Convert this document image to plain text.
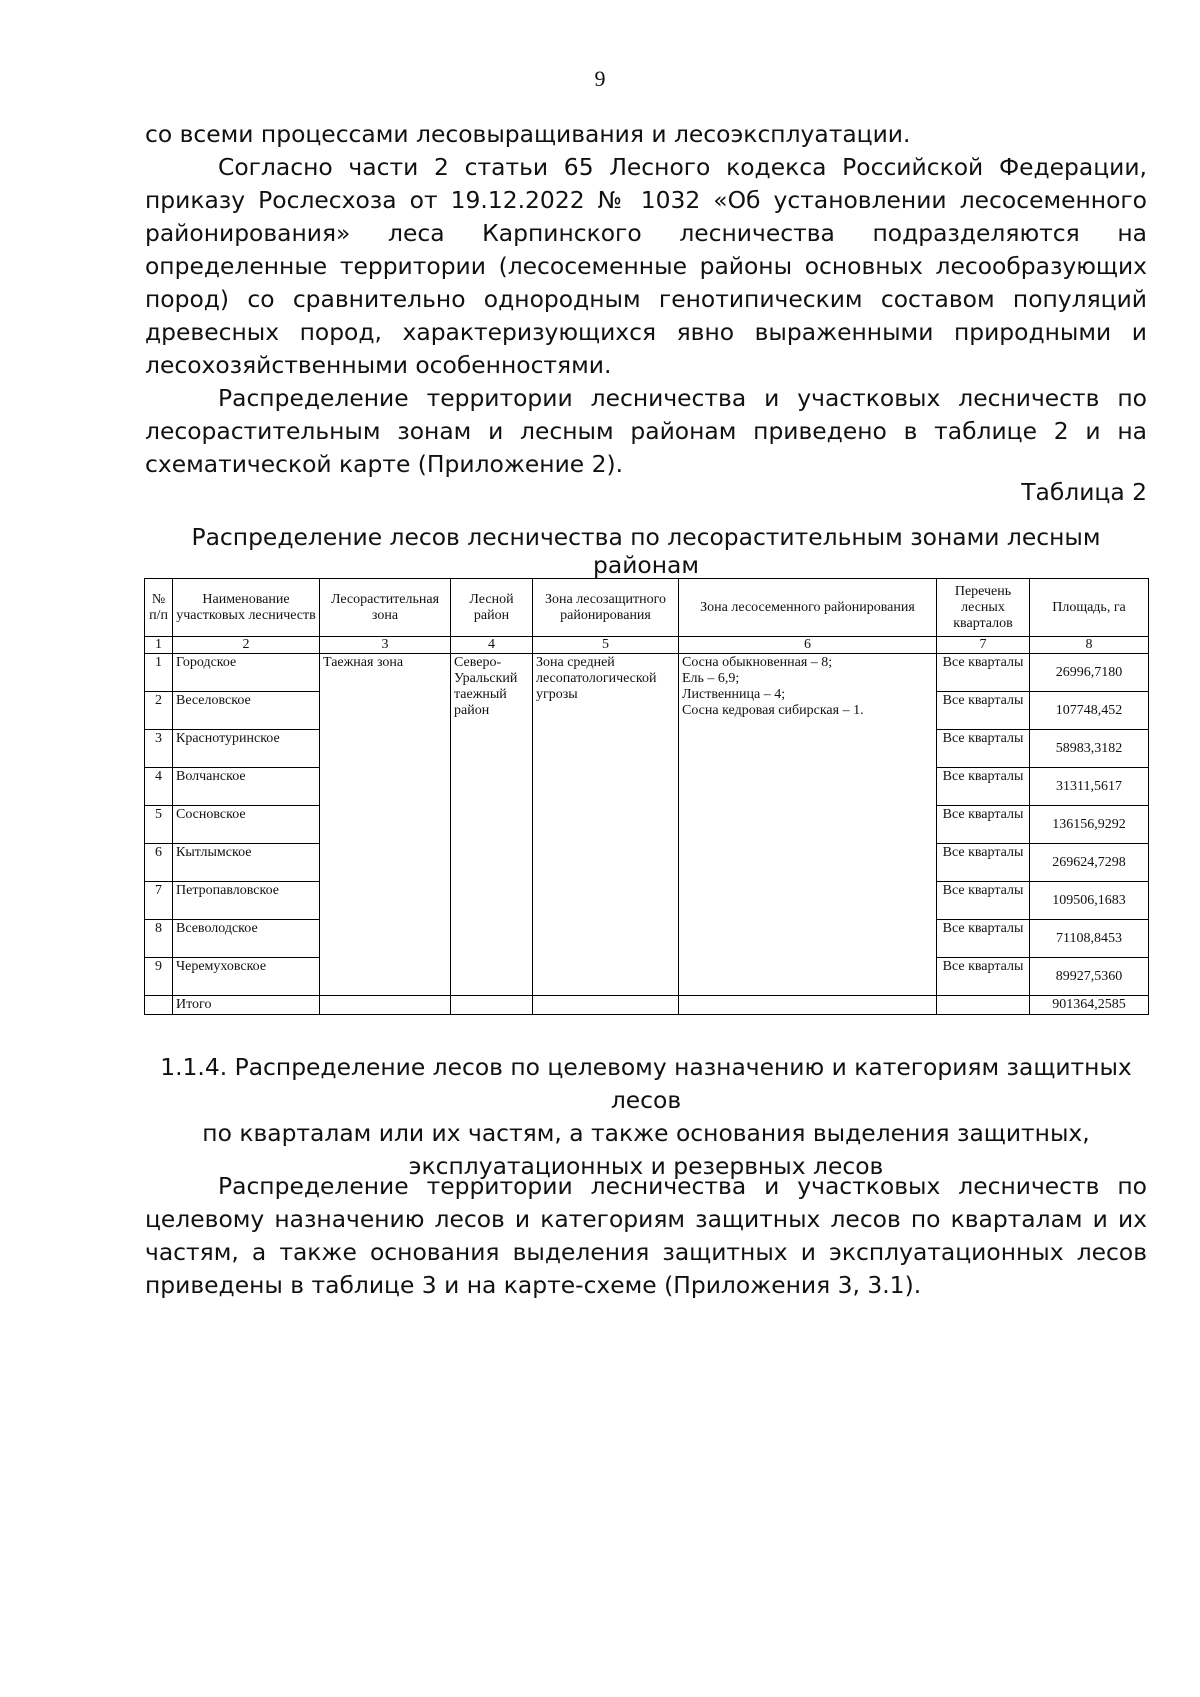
9

со всеми процессами лесовыращивания и лесоэксплуатации.

Согласно части 2 статьи 65 Лесного кодекса Российской Федерации, приказу Рослесхоза от 19.12.2022 № 1032 «Об установлении лесосеменного районирования» леса Карпинского лесничества подразделяются на определенные территории (лесосеменные районы основных лесообразующих пород) со сравнительно однородным генотипическим составом популяций древесных пород, характеризующихся явно выраженными природными и лесохозяйственными особенностями.

Распределение территории лесничества и участковых лесничеств по лесорастительным зонам и лесным районам приведено в таблице 2 и на схематической карте (Приложение 2).

Таблица 2
Распределение лесов лесничества по лесорастительным зонами лесным районам
№ п/п	Наименование участковых лесничеств	Лесорастительная зона	Лесной район	Зона лесозащитного районирования	Зона лесосеменного районирования	Перечень лесных кварталов	Площадь, га
1	2	3	4	5	6	7	8
1	Городское	Таежная зона	Северо-Уральский таежный район	Зона средней лесопатологической угрозы	Сосна обыкновенная – 8;
Ель – 6,9;
Лиственница – 4;
Сосна кедровая сибирская – 1.	Все кварталы	26996,7180
2	Веселовское					Все кварталы	107748,452
3	Краснотуринское					Все кварталы	58983,3182
4	Волчанское					Все кварталы	31311,5617
5	Сосновское					Все кварталы	136156,9292
6	Кытлымское					Все кварталы	269624,7298
7	Петропавловское					Все кварталы	109506,1683
8	Всеволодское					Все кварталы	71108,8453
9	Черемуховское					Все кварталы	89927,5360
	Итого						901364,2585
1.1.4. Распределение лесов по целевому назначению и категориям защитных лесов
по кварталам или их частям, а также основания выделения защитных,
эксплуатационных и резервных лесов

Распределение территории лесничества и участковых лесничеств по целевому назначению лесов и категориям защитных лесов по кварталам и их частям, а также основания выделения защитных и эксплуатационных лесов приведены в таблице 3 и на карте-схеме (Приложения 3, 3.1).
